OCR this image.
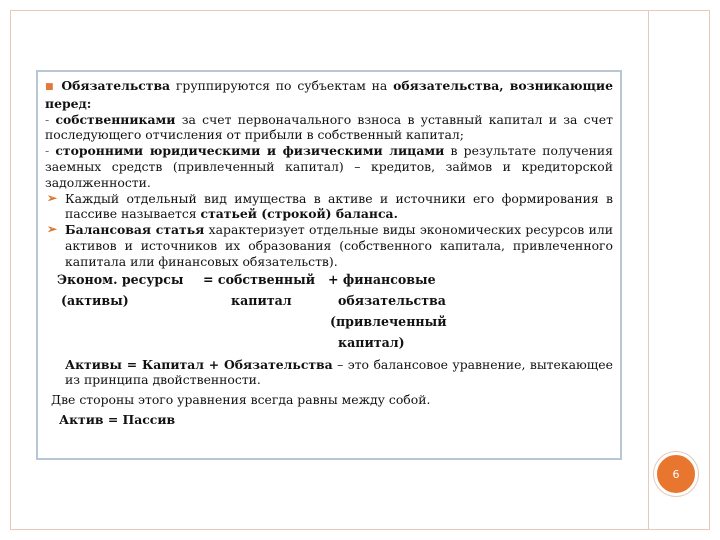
■ Обязательства группируются по субъектам на обязательства, возникающие перед:

- собственниками за счет первоначального взноса в уставный капитал и за счет последующего отчисления от прибыли в собственный капитал;

- сторонними юридическими и физическими лицами в результате получения заемных средств (привлеченный капитал) – кредитов, займов и кредиторской задолженности.

➢ Каждый отдельный вид имущества в активе и источники его формирования в пассиве называется статьей (строкой) баланса.

➢ Балансовая статья характеризует отдельные виды экономических ресурсов или активов и источников их образования (собственного капитала, привлеченного капитала или финансовых обязательств).

Эконом. ресурсы = собственный + финансовые
(активы)	капитал	обязательства
(привлеченный
капитал)

Активы = Капитал + Обязательства – это балансовое уравнение, вытекающее из принципа двойственности.

Две стороны этого уравнения всегда равны между собой.

Актив = Пассив

6
